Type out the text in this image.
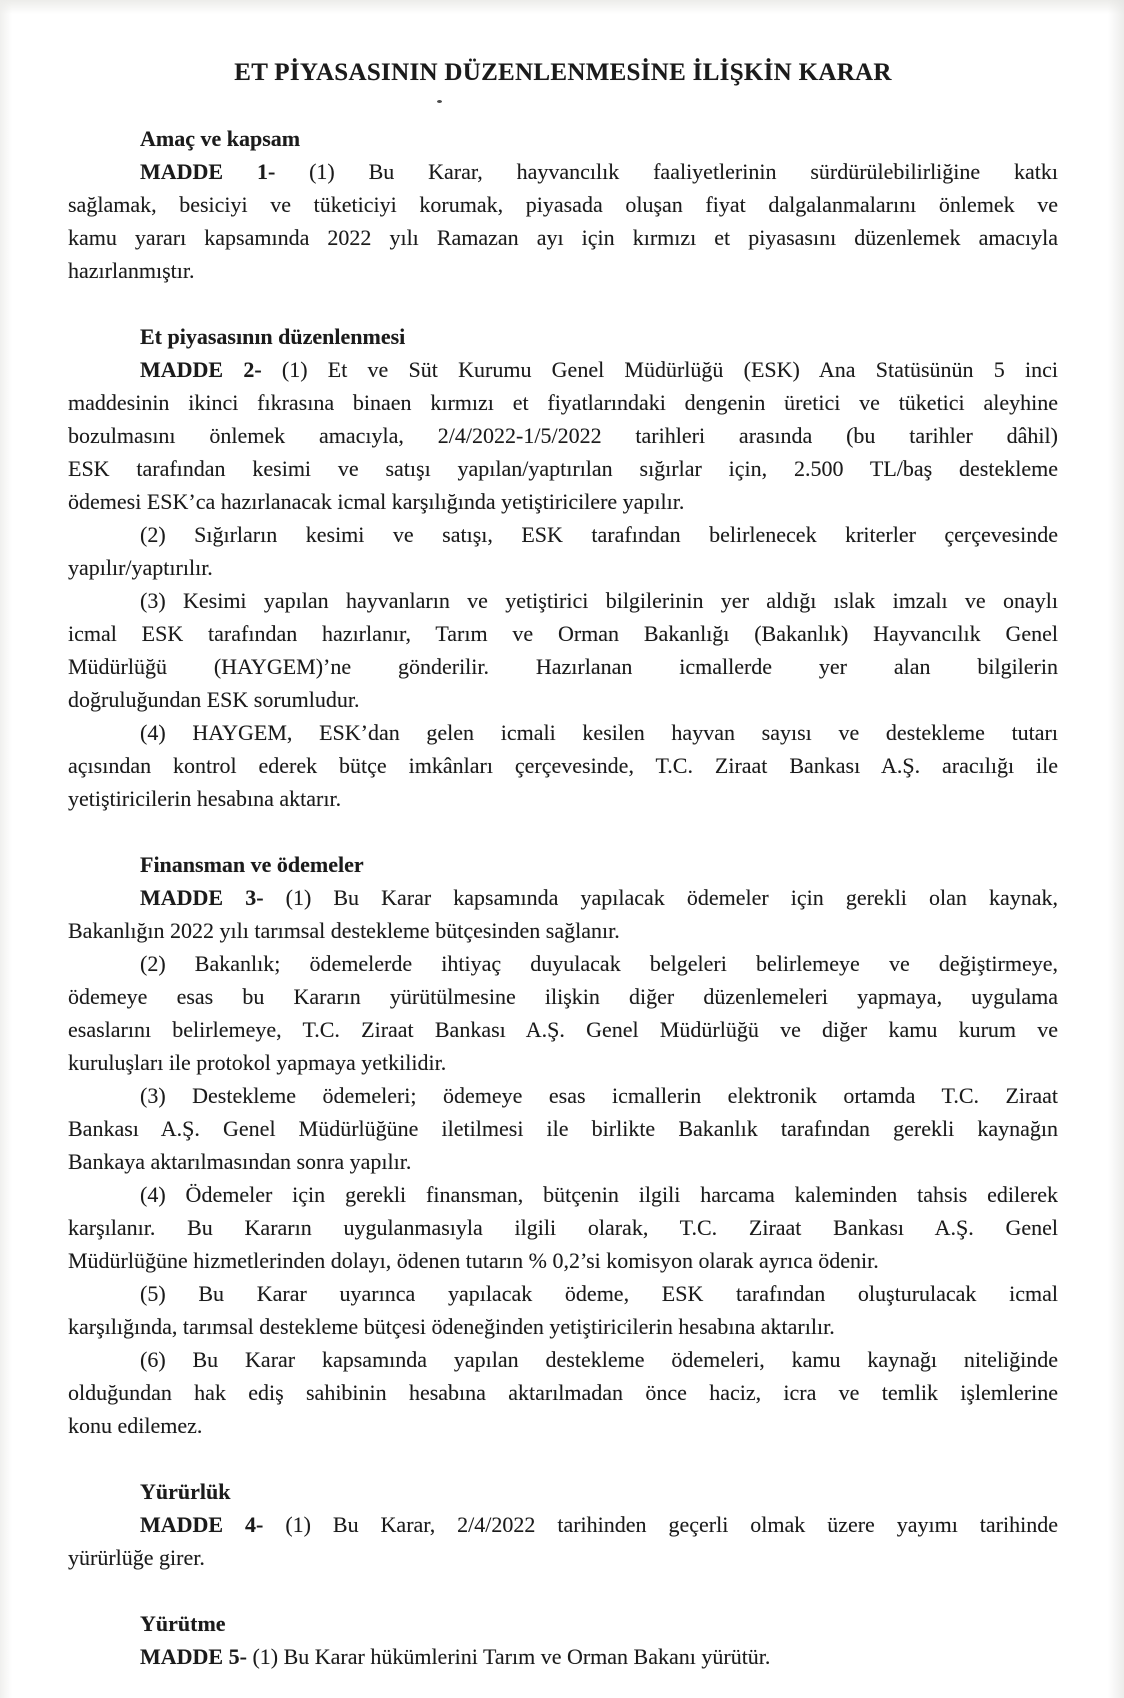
ET PİYASASININ DÜZENLENMESİNE İLİŞKİN KARAR
Amaç ve kapsam
MADDE 1- (1) Bu Karar, hayvancılık faaliyetlerinin sürdürülebilirliğine katkı
sağlamak, besiciyi ve tüketiciyi korumak, piyasada oluşan fiyat dalgalanmalarını önlemek ve
kamu yararı kapsamında 2022 yılı Ramazan ayı için kırmızı et piyasasını düzenlemek amacıyla
hazırlanmıştır.
Et piyasasının düzenlenmesi
MADDE 2- (1) Et ve Süt Kurumu Genel Müdürlüğü (ESK) Ana Statüsünün 5 inci
maddesinin ikinci fıkrasına binaen kırmızı et fiyatlarındaki dengenin üretici ve tüketici aleyhine
bozulmasını önlemek amacıyla, 2/4/2022-1/5/2022 tarihleri arasında (bu tarihler dâhil)
ESK tarafından kesimi ve satışı yapılan/yaptırılan sığırlar için, 2.500 TL/baş destekleme
ödemesi ESK’ca hazırlanacak icmal karşılığında yetiştiricilere yapılır.
(2) Sığırların kesimi ve satışı, ESK tarafından belirlenecek kriterler çerçevesinde
yapılır/yaptırılır.
(3) Kesimi yapılan hayvanların ve yetiştirici bilgilerinin yer aldığı ıslak imzalı ve onaylı
icmal ESK tarafından hazırlanır, Tarım ve Orman Bakanlığı (Bakanlık) Hayvancılık Genel
Müdürlüğü (HAYGEM)’ne gönderilir. Hazırlanan icmallerde yer alan bilgilerin
doğruluğundan ESK sorumludur.
(4) HAYGEM, ESK’dan gelen icmali kesilen hayvan sayısı ve destekleme tutarı
açısından kontrol ederek bütçe imkânları çerçevesinde, T.C. Ziraat Bankası A.Ş. aracılığı ile
yetiştiricilerin hesabına aktarır.
Finansman ve ödemeler
MADDE 3- (1) Bu Karar kapsamında yapılacak ödemeler için gerekli olan kaynak,
Bakanlığın 2022 yılı tarımsal destekleme bütçesinden sağlanır.
(2) Bakanlık; ödemelerde ihtiyaç duyulacak belgeleri belirlemeye ve değiştirmeye,
ödemeye esas bu Kararın yürütülmesine ilişkin diğer düzenlemeleri yapmaya, uygulama
esaslarını belirlemeye, T.C. Ziraat Bankası A.Ş. Genel Müdürlüğü ve diğer kamu kurum ve
kuruluşları ile protokol yapmaya yetkilidir.
(3) Destekleme ödemeleri; ödemeye esas icmallerin elektronik ortamda T.C. Ziraat
Bankası A.Ş. Genel Müdürlüğüne iletilmesi ile birlikte Bakanlık tarafından gerekli kaynağın
Bankaya aktarılmasından sonra yapılır.
(4) Ödemeler için gerekli finansman, bütçenin ilgili harcama kaleminden tahsis edilerek
karşılanır. Bu Kararın uygulanmasıyla ilgili olarak, T.C. Ziraat Bankası A.Ş. Genel
Müdürlüğüne hizmetlerinden dolayı, ödenen tutarın % 0,2’si komisyon olarak ayrıca ödenir.
(5) Bu Karar uyarınca yapılacak ödeme, ESK tarafından oluşturulacak icmal
karşılığında, tarımsal destekleme bütçesi ödeneğinden yetiştiricilerin hesabına aktarılır.
(6) Bu Karar kapsamında yapılan destekleme ödemeleri, kamu kaynağı niteliğinde
olduğundan hak ediş sahibinin hesabına aktarılmadan önce haciz, icra ve temlik işlemlerine
konu edilemez.
Yürürlük
MADDE 4- (1) Bu Karar, 2/4/2022 tarihinden geçerli olmak üzere yayımı tarihinde
yürürlüğe girer.
Yürütme
MADDE 5- (1) Bu Karar hükümlerini Tarım ve Orman Bakanı yürütür.
